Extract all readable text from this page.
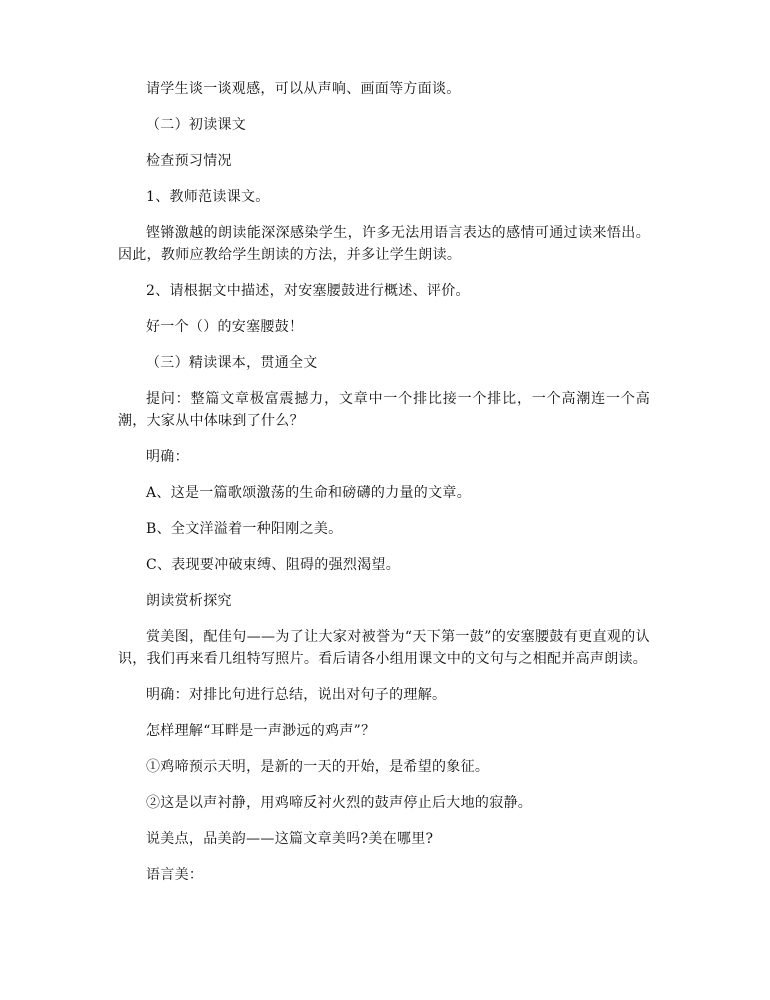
请学生谈一谈观感，可以从声响、画面等方面谈。

（二）初读课文

检查预习情况

1、教师范读课文。

铿锵激越的朗读能深深感染学生，许多无法用语言表达的感情可通过读来悟出。因此，教师应教给学生朗读的方法，并多让学生朗读。

2、请根据文中描述，对安塞腰鼓进行概述、评价。

好一个（）的安塞腰鼓！

（三）精读课本，贯通全文

提问：整篇文章极富震撼力，文章中一个排比接一个排比，一个高潮连一个高潮，大家从中体味到了什么？

明确：

A、这是一篇歌颂激荡的生命和磅礴的力量的文章。

B、全文洋溢着一种阳刚之美。

C、表现要冲破束缚、阻碍的强烈渴望。

朗读赏析探究

赏美图，配佳句——为了让大家对被誉为“天下第一鼓”的安塞腰鼓有更直观的认识，我们再来看几组特写照片。看后请各小组用课文中的文句与之相配并高声朗读。

明确：对排比句进行总结，说出对句子的理解。

怎样理解“耳畔是一声渺远的鸡声”？

①鸡啼预示天明，是新的一天的开始，是希望的象征。

②这是以声衬静，用鸡啼反衬火烈的鼓声停止后大地的寂静。

说美点，品美韵——这篇文章美吗?美在哪里?

语言美：
